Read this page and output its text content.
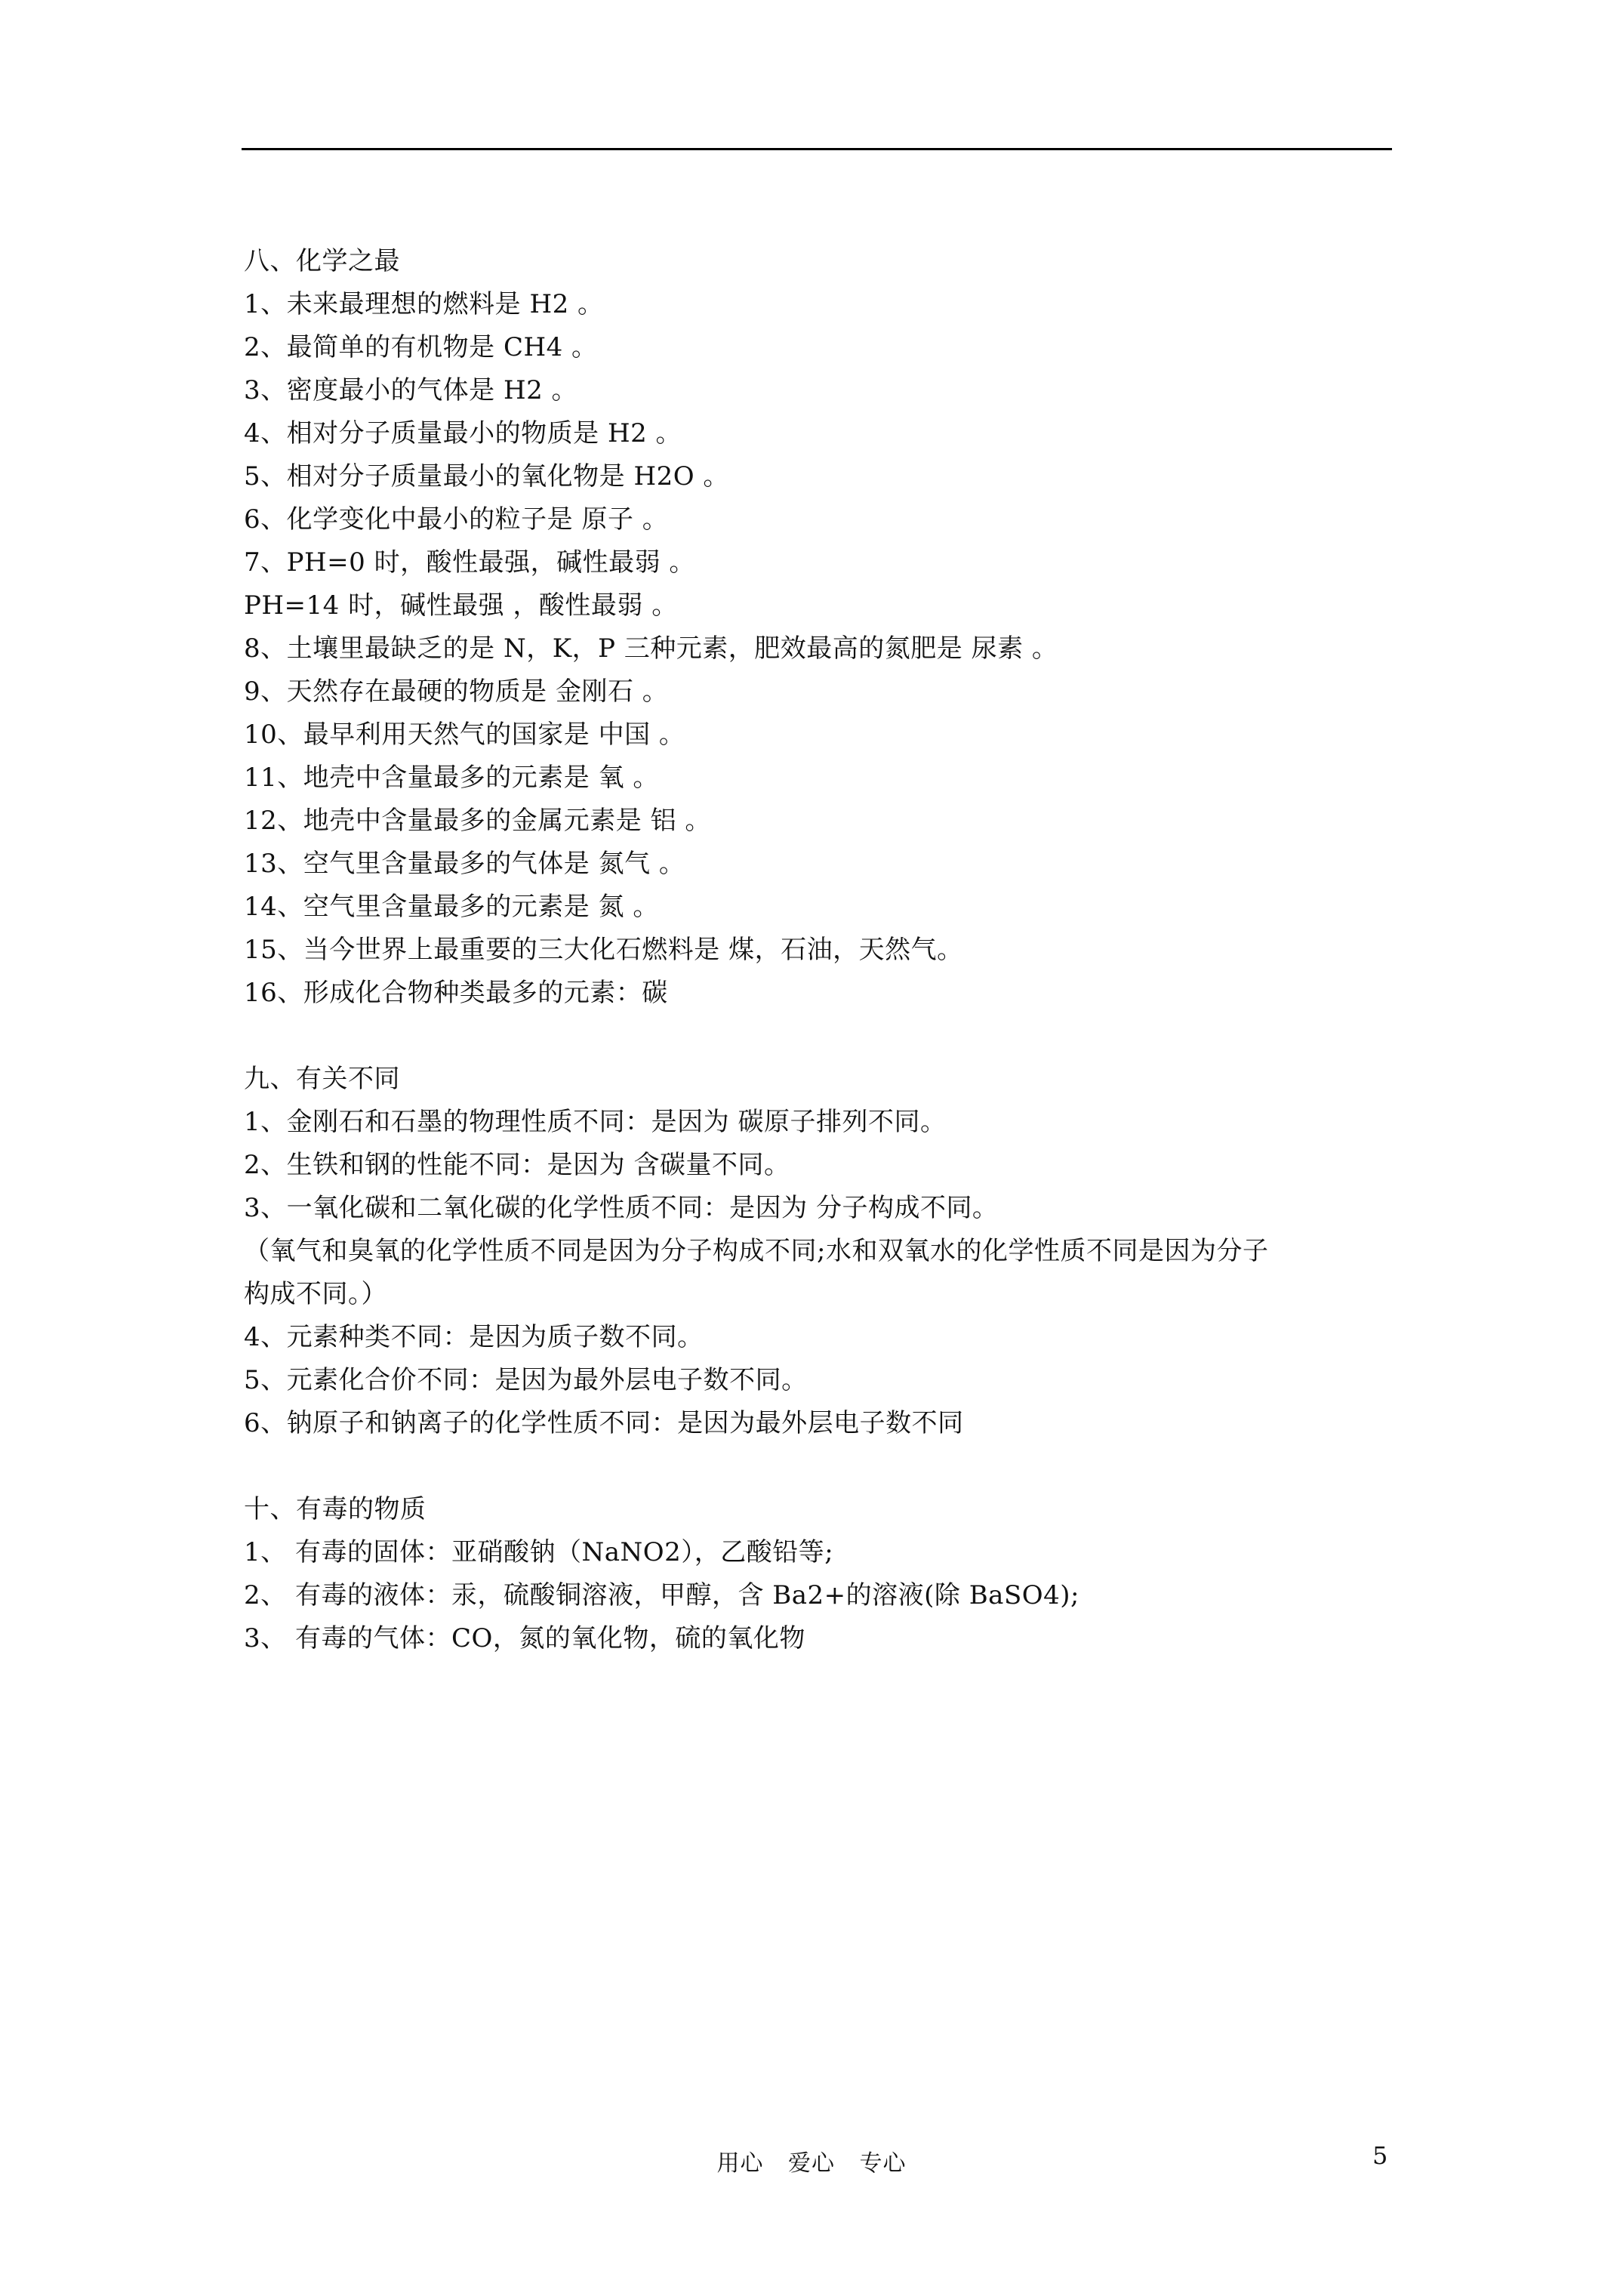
八、化学之最
1、未来最理想的燃料是 H2 。
2、最简单的有机物是 CH4 。
3、密度最小的气体是 H2 。
4、相对分子质量最小的物质是 H2 。
5、相对分子质量最小的氧化物是 H2O 。
6、化学变化中最小的粒子是 原子 。
7、PH=0 时，酸性最强，碱性最弱 。
PH=14 时，碱性最强 ，酸性最弱 。
8、土壤里最缺乏的是 N，K，P 三种元素，肥效最高的氮肥是 尿素 。
9、天然存在最硬的物质是 金刚石 。
10、最早利用天然气的国家是 中国 。
11、地壳中含量最多的元素是 氧 。
12、地壳中含量最多的金属元素是 铝 。
13、空气里含量最多的气体是 氮气 。
14、空气里含量最多的元素是 氮 。
15、当今世界上最重要的三大化石燃料是 煤，石油，天然气。
16、形成化合物种类最多的元素：碳
九、有关不同
1、金刚石和石墨的物理性质不同：是因为 碳原子排列不同。
2、生铁和钢的性能不同：是因为 含碳量不同。
3、一氧化碳和二氧化碳的化学性质不同：是因为 分子构成不同。
（氧气和臭氧的化学性质不同是因为分子构成不同;水和双氧水的化学性质不同是因为分子
构成不同。）
4、元素种类不同：是因为质子数不同。
5、元素化合价不同：是因为最外层电子数不同。
6、钠原子和钠离子的化学性质不同：是因为最外层电子数不同
十、有毒的物质
1、 有毒的固体：亚硝酸钠（NaNO2），乙酸铅等;
2、 有毒的液体：汞，硫酸铜溶液，甲醇，含 Ba2+的溶液(除 BaSO4);
3、 有毒的气体：CO，氮的氧化物，硫的氧化物
用心 爱心 专心	5
